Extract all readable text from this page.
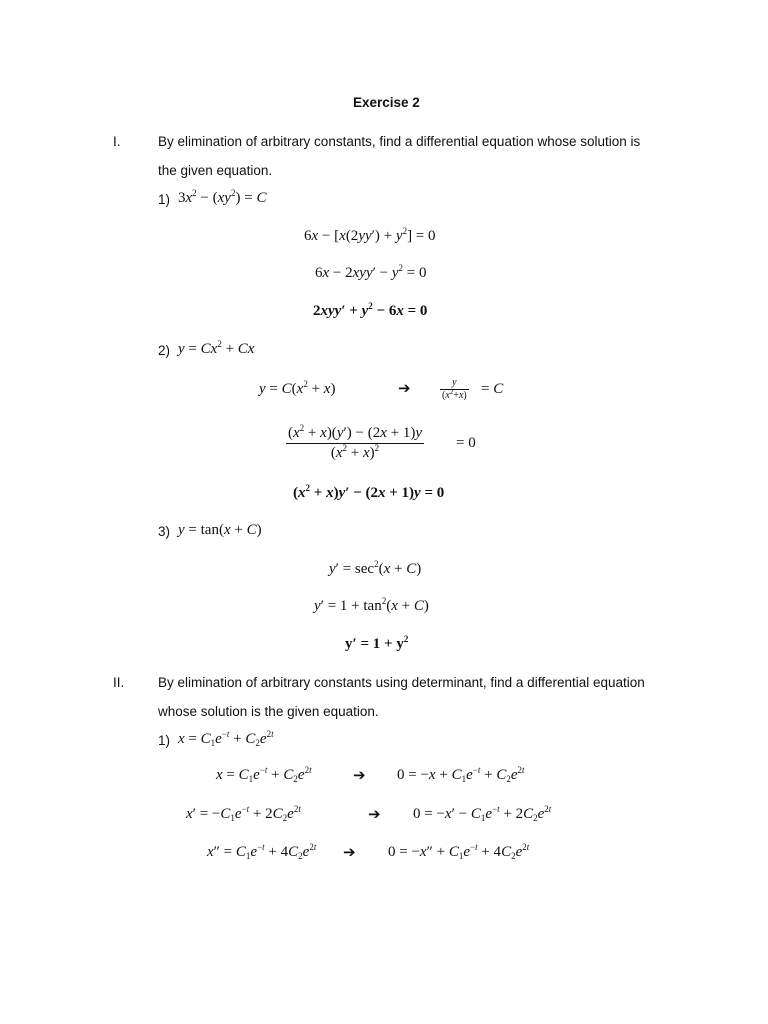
Exercise 2
I.	By elimination of arbitrary constants, find a differential equation whose solution is
the given equation.
1) $3x^2 - (xy^2) = C$
$6x - [x(2yy') + y^2] = 0$
$6x - 2xyy' - y^2 = 0$
$2xyy' + y^2 - 6x = 0$
2) $y = Cx^2 + Cx$
$y = C(x^2 + x)$	➔	$\frac{y}{(x^2+x)} = C$
$\frac{(x^2 + x)(y') - (2x + 1)y}{(x^2 + x)^2} = 0$
$(x^2 + x)y' - (2x + 1)y = 0$
3) y = tan(x + C)
$y' = \sec^2(x + C)$
$y' = 1 + \tan^2(x + C)$
$y' = 1 + y^2$
II. By elimination of arbitrary constants using determinant, find a differential equation
whose solution is the given equation.
1) $x = C_1e^{-t} + C_2e^{2t}$
$x = C_1e^{-t} + C_2e^{2t}$	➔ $0 = -x + C_1e^{-t} + C_2e^{2t}$
$x' = -C_1e^{-t} + 2C_2e^{2t}$	➔ $0 = -x' - C_1e^{-t} + 2C_2e^{2t}$
$x'' = C_1e^{-t} + 4C_2e^{2t}$ ➔ $0 = -x'' + C_1e^{-t} + 4C_2e^{2t}$
